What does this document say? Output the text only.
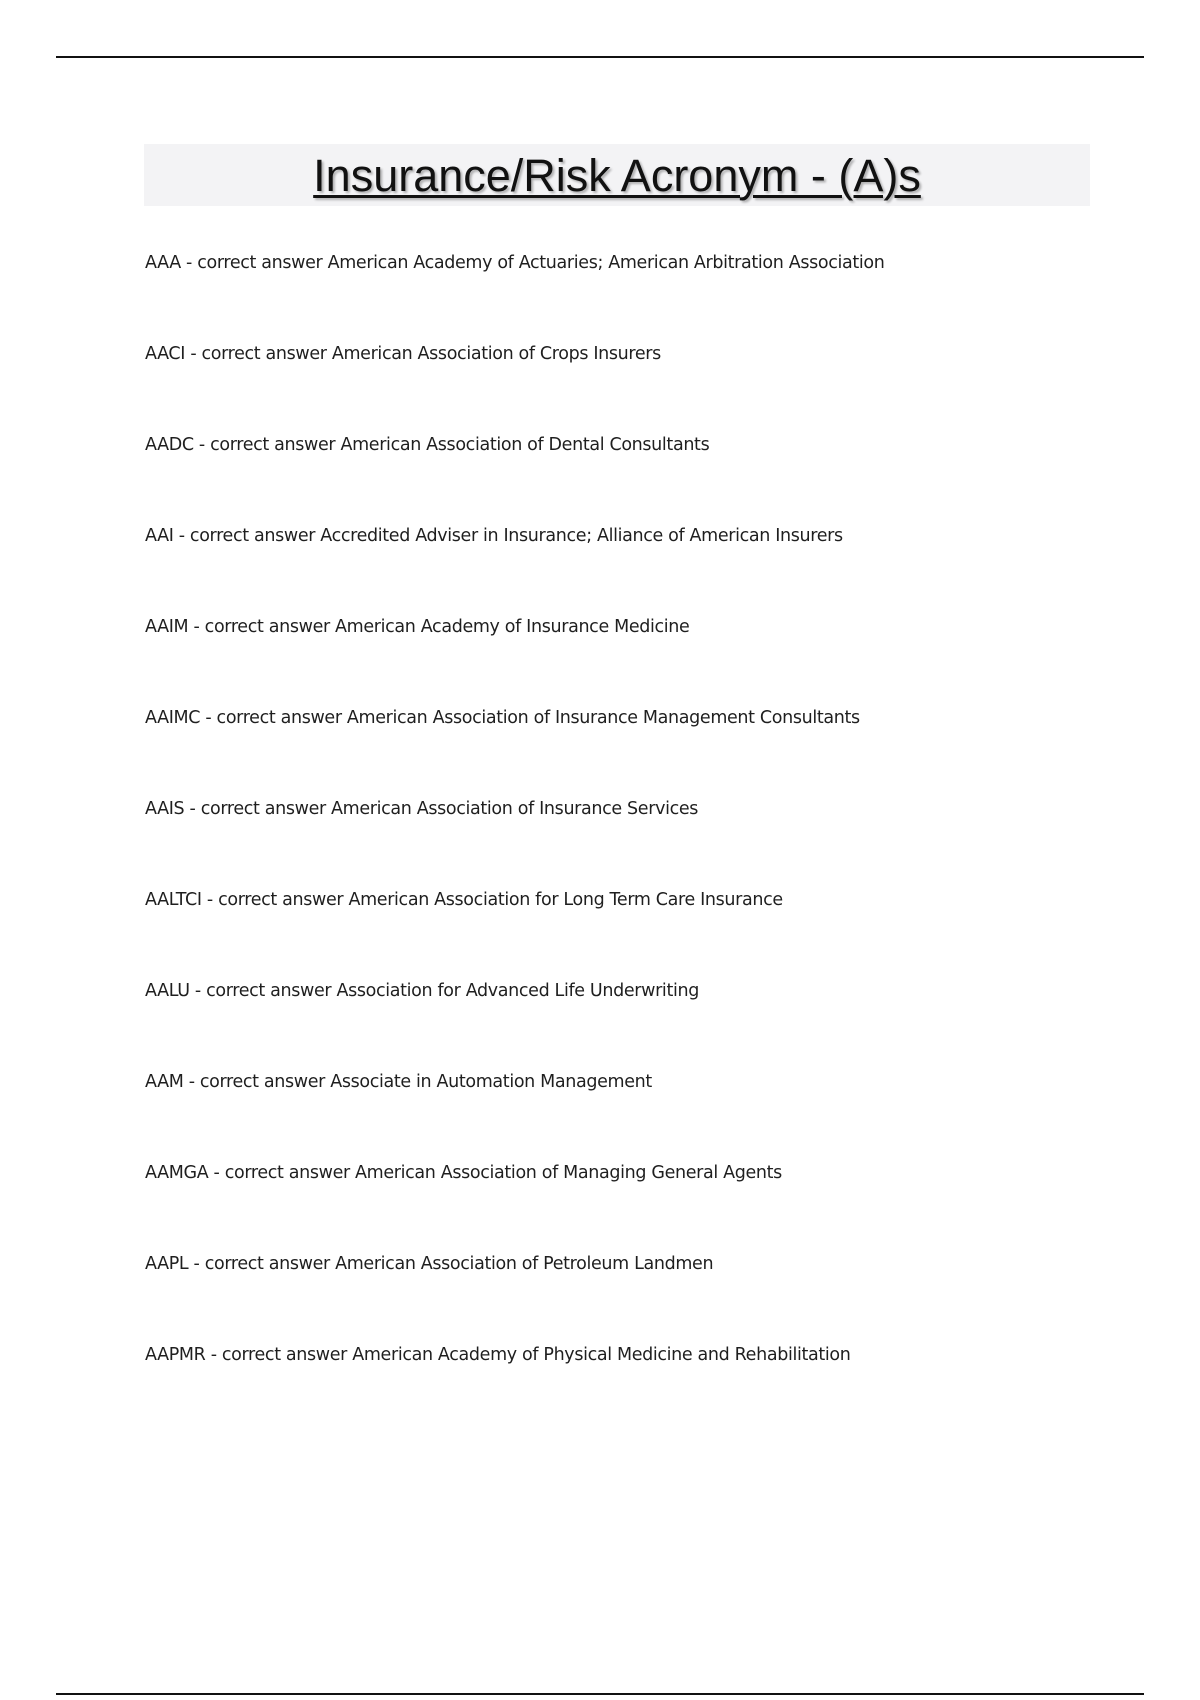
Insurance/Risk Acronym - (A)s
AAA - correct answer American Academy of Actuaries; American Arbitration Association
AACI - correct answer American Association of Crops Insurers
AADC - correct answer American Association of Dental Consultants
AAI - correct answer Accredited Adviser in Insurance; Alliance of American Insurers
AAIM - correct answer American Academy of Insurance Medicine
AAIMC - correct answer American Association of Insurance Management Consultants
AAIS - correct answer American Association of Insurance Services
AALTCI - correct answer American Association for Long Term Care Insurance
AALU - correct answer Association for Advanced Life Underwriting
AAM - correct answer Associate in Automation Management
AAMGA - correct answer American Association of Managing General Agents
AAPL - correct answer American Association of Petroleum Landmen
AAPMR - correct answer American Academy of Physical Medicine and Rehabilitation
